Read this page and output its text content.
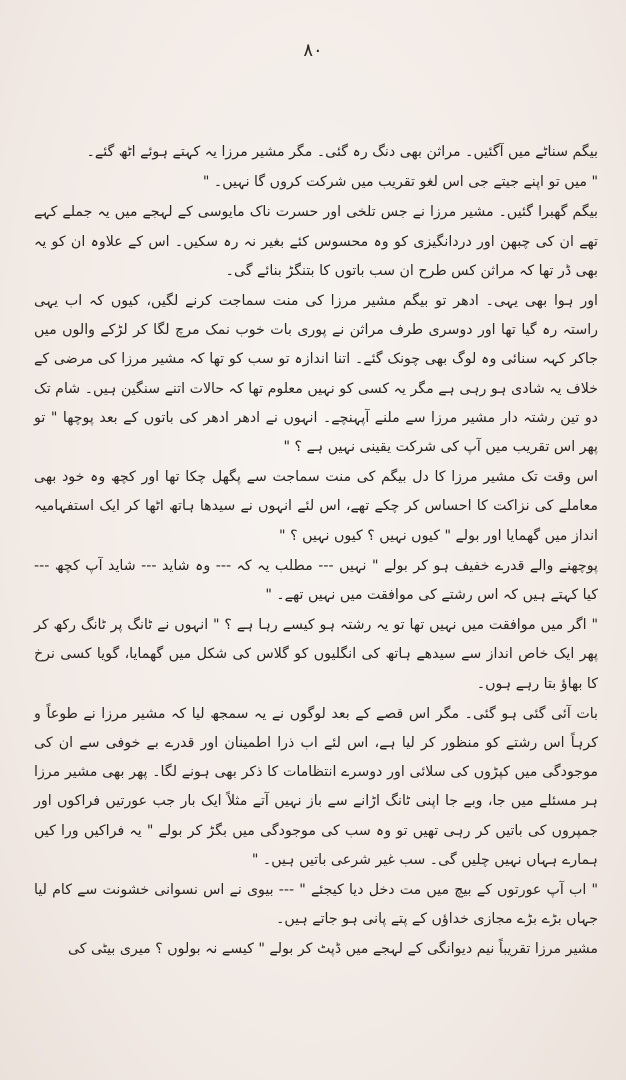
۸۰

بیگم سناٹے میں آگئیں۔ مراثن بھی دنگ رہ گئی۔ مگر مشیر مرزا یہ کہتے ہوئے اٹھ گئے۔

" میں تو اپنے جیتے جی اس لغو تقریب میں شرکت کروں گا نہیں۔ "

بیگم گھبرا گئیں۔ مشیر مرزا نے جس تلخی اور حسرت ناک مایوسی کے لہجے میں یہ جملے کہے تھے ان کی چبھن اور دردانگیزی کو وہ محسوس کئے بغیر نہ رہ سکیں۔ اس کے علاوہ ان کو یہ بھی ڈر تھا کہ مراثن کس طرح ان سب باتوں کا بتنگڑ بنائے گی۔

اور ہوا بھی یہی۔ ادھر تو بیگم مشیر مرزا کی منت سماجت کرنے لگیں، کیوں کہ اب یہی راستہ رہ گیا تھا اور دوسری طرف مراثن نے پوری بات خوب نمک مرچ لگا کر لڑکے والوں میں جاکر کہہ سنائی وہ لوگ بھی چونک گئے۔ اتنا اندازہ تو سب کو تھا کہ مشیر مرزا کی مرضی کے خلاف یہ شادی ہو رہی ہے مگر یہ کسی کو نہیں معلوم تھا کہ حالات اتنے سنگین ہیں۔ شام تک دو تین رشتہ دار مشیر مرزا سے ملنے آپہنچے۔ انہوں نے ادھر ادھر کی باتوں کے بعد پوچھا " تو پھر اس تقریب میں آپ کی شرکت یقینی نہیں ہے ؟ "

اس وقت تک مشیر مرزا کا دل بیگم کی منت سماجت سے پگھل چکا تھا اور کچھ وہ خود بھی معاملے کی نزاکت کا احساس کر چکے تھے، اس لئے انہوں نے سیدھا ہاتھ اٹھا کر ایک استفہامیہ انداز میں گھمایا اور بولے " کیوں نہیں ؟ کیوں نہیں ؟ "

پوچھنے والے قدرے خفیف ہو کر بولے " نہیں --- مطلب یہ کہ --- وہ شاید --- شاید آپ کچھ --- کیا کہتے ہیں کہ اس رشتے کی موافقت میں نہیں تھے۔ "

" اگر میں موافقت میں نہیں تھا تو یہ رشتہ ہو کیسے رہا ہے ؟ " انہوں نے ٹانگ پر ٹانگ رکھ کر پھر ایک خاص انداز سے سیدھے ہاتھ کی انگلیوں کو گلاس کی شکل میں گھمایا، گویا کسی نرخ کا بھاؤ بتا رہے ہوں۔

بات آئی گئی ہو گئی۔ مگر اس قصے کے بعد لوگوں نے یہ سمجھ لیا کہ مشیر مرزا نے طوعاً و کرہاً اس رشتے کو منظور کر لیا ہے، اس لئے اب ذرا اطمینان اور قدرے بے خوفی سے ان کی موجودگی میں کپڑوں کی سلائی اور دوسرے انتظامات کا ذکر بھی ہونے لگا۔ پھر بھی مشیر مرزا ہر مسئلے میں جا، وبے جا اپنی ٹانگ اڑانے سے باز نہیں آتے مثلاً ایک بار جب عورتیں فراکوں اور جمپروں کی باتیں کر رہی تھیں تو وہ سب کی موجودگی میں بگڑ کر بولے " یہ فراکیں ورا کیں ہمارے ہہاں نہیں چلیں گی۔ سب غیر شرعی باتیں ہیں۔ "

" اب آپ عورتوں کے بیچ میں مت دخل دیا کیجئے " --- بیوی نے اس نسوانی خشونت سے کام لیا جہاں بڑے بڑے مجازی خداؤں کے پتے پانی ہو جاتے ہیں۔

مشیر مرزا تقریباً نیم دیوانگی کے لہجے میں ڈپٹ کر بولے " کیسے نہ بولوں ؟ میری بیٹی کی
